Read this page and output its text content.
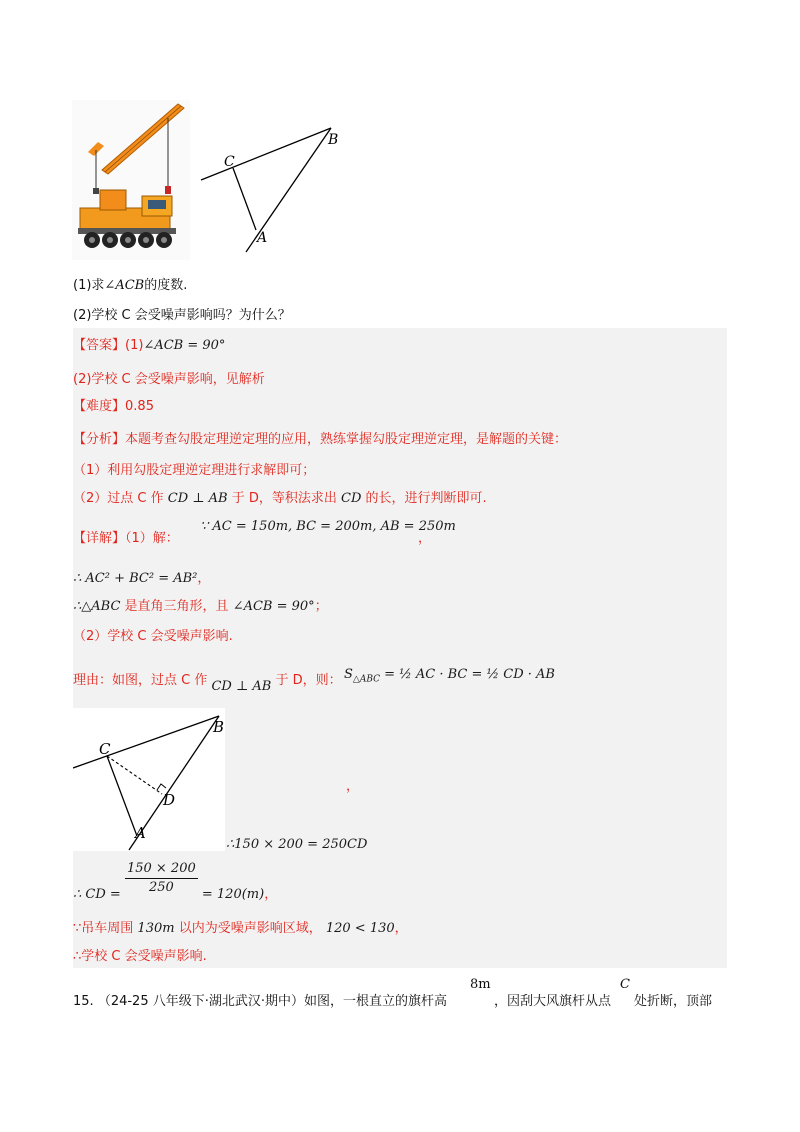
C
B
A
(1)求∠ACB的度数.
(2)学校 C 会受噪声影响吗？为什么？
【答案】(1)∠ACB = 90°
(2)学校 C 会受噪声影响，见解析
【难度】0.85
【分析】本题考查勾股定理逆定理的应用，熟练掌握勾股定理逆定理，是解题的关键：
（1）利用勾股定理逆定理进行求解即可；
（2）过点 C 作 CD ⊥ AB 于 D，等积法求出 CD 的长，进行判断即可.
【详解】（1）解：
∵ AC = 150m, BC = 200m, AB = 250m
，
∴ AC² + BC² = AB²，
∴△ABC 是直角三角形，且 ∠ACB = 90°；
（2）学校 C 会受噪声影响.
理由：如图，过点 C 作 CD ⊥ AB 于 D，则： $S_{\triangle ABC}$ = ½ AC · BC = ½ CD · AB
C
B
D
A
，
∴150 × 200 = 250CD
∴ CD = $\frac{150 \times 200}{250} = 120(m)$，
∵吊车周围 130m 以内为受噪声影响区域， 120 < 130，
∴学校 C 会受噪声影响.
15. （24-25 八年级下·湖北武汉·期中）如图，一根直立的旗杆高
8m
，因刮大风旗杆从点
C
处折断，顶部
